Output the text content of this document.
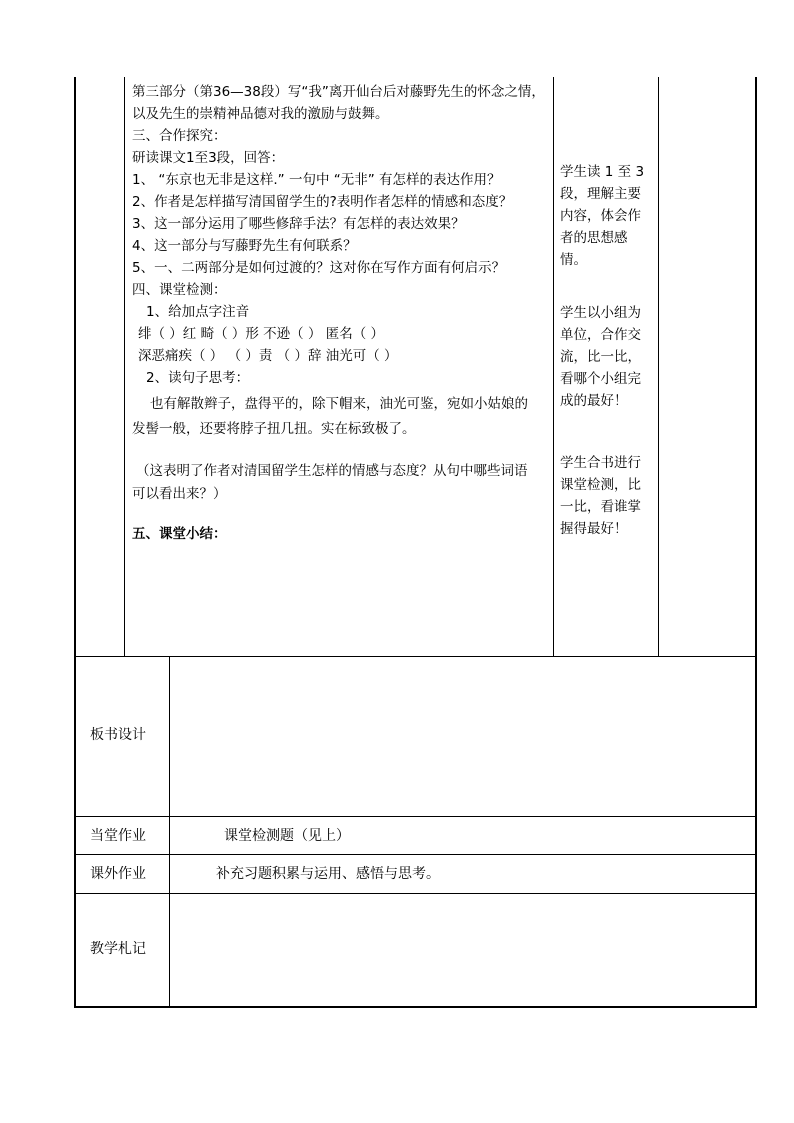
第三部分（第36—38段）写“我”离开仙台后对藤野先生的怀念之情，
以及先生的崇精神品德对我的激励与鼓舞。
三、合作探究：
研读课文1至3段，回答：
1、 “东京也无非是这样.” 一句中 “无非” 有怎样的表达作用？
2、作者是怎样描写清国留学生的?表明作者怎样的情感和态度？
3、这一部分运用了哪些修辞手法？有怎样的表达效果？
4、这一部分与写藤野先生有何联系？
5、一、二两部分是如何过渡的？这对你在写作方面有何启示？
四、课堂检测：
1、给加点字注音
绯（ ）红 畸（ ）形 不逊（ ） 匿名（ ）
深恶痛疾（ ） （ ）责 （ ）辞 油光可（ ）
2、读句子思考：
也有解散辫子，盘得平的，除下帽来，油光可鉴，宛如小姑娘的
发髻一般，还要将脖子扭几扭。实在标致极了。
（这表明了作者对清国留学生怎样的情感与态度？从句中哪些词语
可以看出来？）
五、课堂小结：
学生读 1 至 3 段，理解主要内容，体会作者的思想感情。
学生以小组为单位，合作交流，比一比，看哪个小组完成的最好！
学生合书进行课堂检测，比一比，看谁掌握得最好！
板书设计
当堂作业	课堂检测题（见上）
课外作业	补充习题积累与运用、感悟与思考。
教学札记
